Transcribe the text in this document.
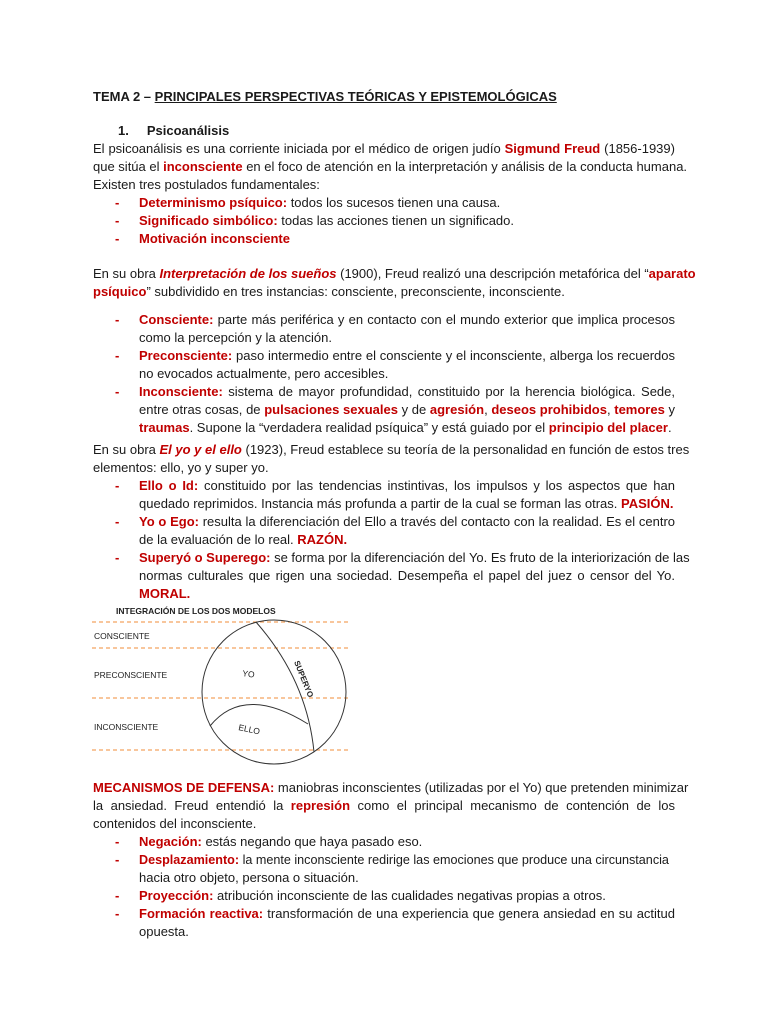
TEMA 2 – PRINCIPALES PERSPECTIVAS TEÓRICAS Y EPISTEMOLÓGICAS
1. Psicoanálisis
El psicoanálisis es una corriente iniciada por el médico de origen judío Sigmund Freud (1856-1939)
que sitúa el inconsciente en el foco de atención en la interpretación y análisis de la conducta humana.
Existen tres postulados fundamentales:
- Determinismo psíquico: todos los sucesos tienen una causa.
- Significado simbólico: todas las acciones tienen un significado.
- Motivación inconsciente
En su obra Interpretación de los sueños (1900), Freud realizó una descripción metafórica del “aparato
psíquico” subdividido en tres instancias: consciente, preconsciente, inconsciente.
- Consciente: parte más periférica y en contacto con el mundo exterior que implica procesos
como la percepción y la atención.
- Preconsciente: paso intermedio entre el consciente y el inconsciente, alberga los recuerdos
no evocados actualmente, pero accesibles.
- Inconsciente: sistema de mayor profundidad, constituido por la herencia biológica. Sede,
entre otras cosas, de pulsaciones sexuales y de agresión, deseos prohibidos, temores y
traumas. Supone la “verdadera realidad psíquica” y está guiado por el principio del placer.
En su obra El yo y el ello (1923), Freud establece su teoría de la personalidad en función de estos tres
elementos: ello, yo y super yo.
- Ello o Id: constituido por las tendencias instintivas, los impulsos y los aspectos que han
quedado reprimidos. Instancia más profunda a partir de la cual se forman las otras. PASIÓN.
- Yo o Ego: resulta la diferenciación del Ello a través del contacto con la realidad. Es el centro
de la evaluación de lo real. RAZÓN.
- Superyó o Superego: se forma por la diferenciación del Yo. Es fruto de la interiorización de las
normas culturales que rigen una sociedad. Desempeña el papel del juez o censor del Yo.
MORAL.
INTEGRACIÓN DE LOS DOS MODELOS
CONSCIENTE
PRECONSCIENTE
INCONSCIENTE
YO	SUPERYO
ELLO
MECANISMOS DE DEFENSA: maniobras inconscientes (utilizadas por el Yo) que pretenden minimizar
la ansiedad. Freud entendió la represión como el principal mecanismo de contención de los
contenidos del inconsciente.
- Negación: estás negando que haya pasado eso.
- Desplazamiento: la mente inconsciente redirige las emociones que produce una circunstancia
hacia otro objeto, persona o situación.
- Proyección: atribución inconsciente de las cualidades negativas propias a otros.
- Formación reactiva: transformación de una experiencia que genera ansiedad en su actitud
opuesta.
